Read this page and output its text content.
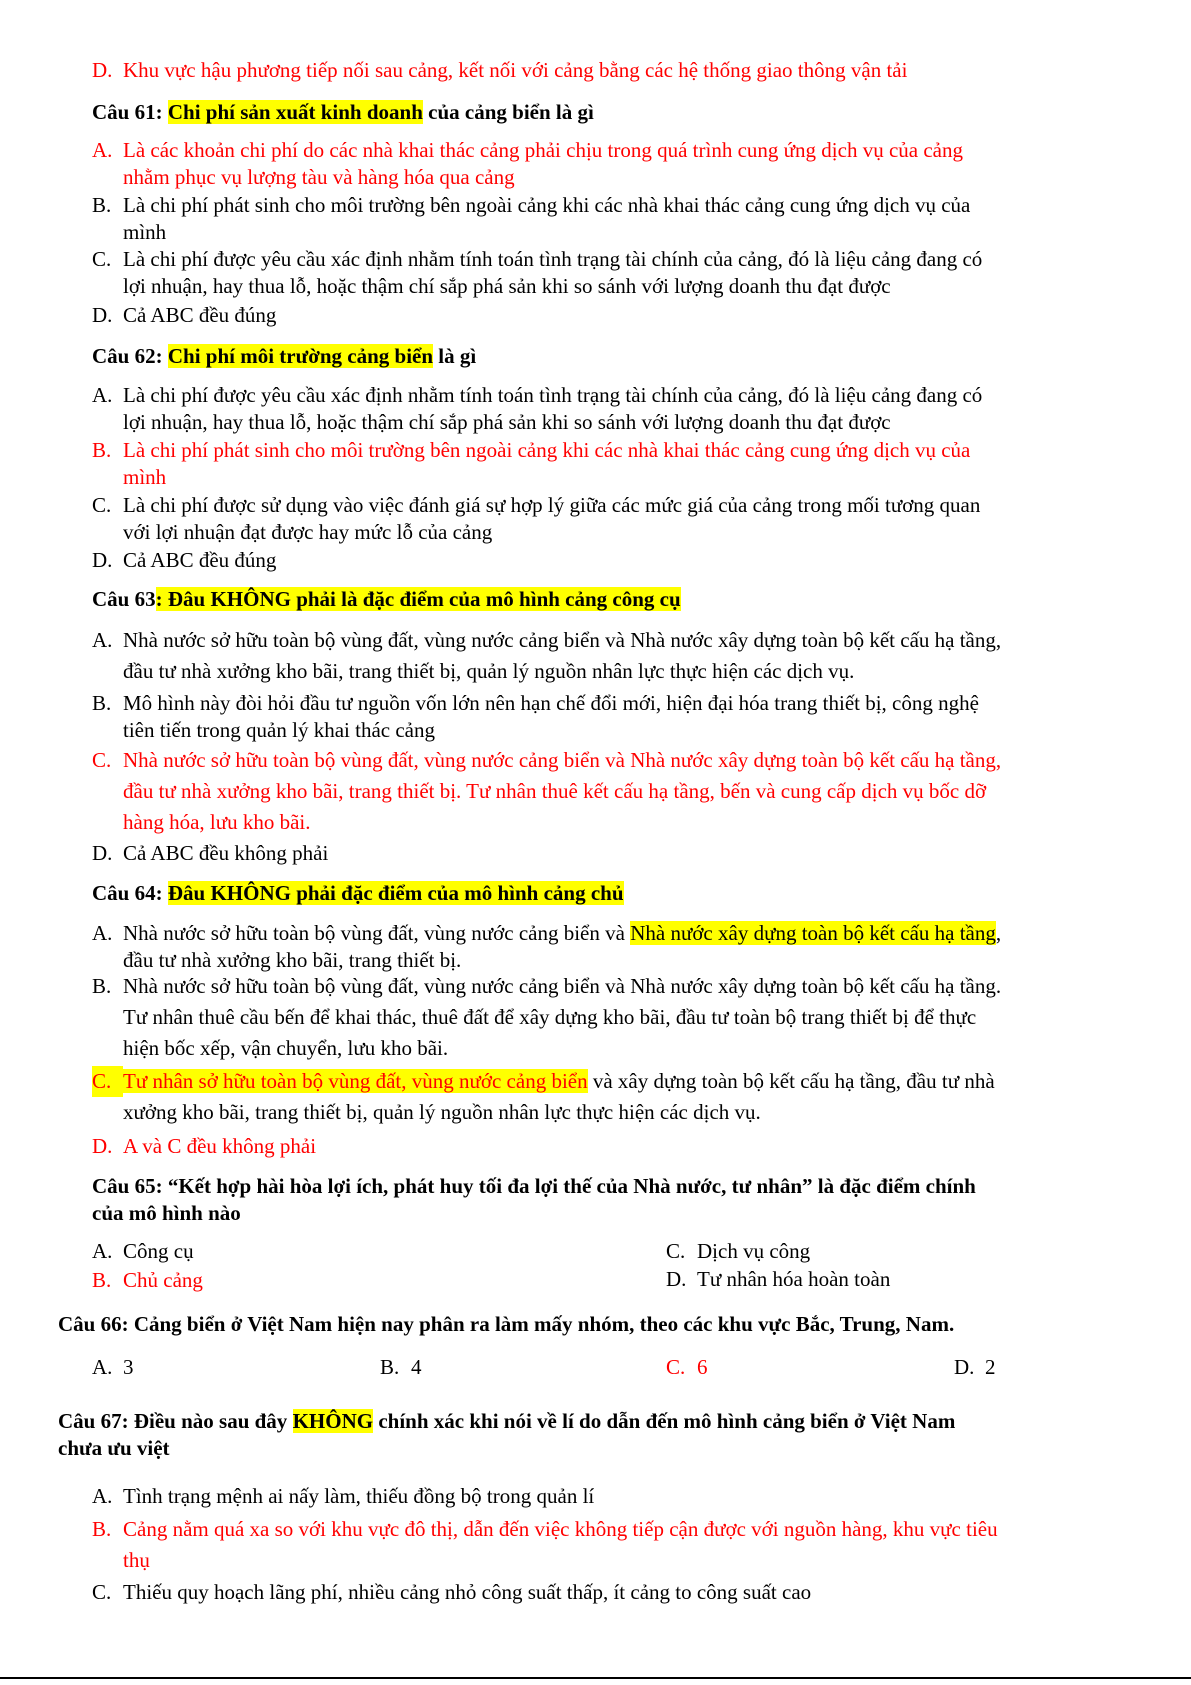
D. Khu vực hậu phương tiếp nối sau cảng, kết nối với cảng bằng các hệ thống giao thông vận tải
Câu 61: Chi phí sản xuất kinh doanh của cảng biển là gì
A. Là các khoản chi phí do các nhà khai thác cảng phải chịu trong quá trình cung ứng dịch vụ của cảng
nhằm phục vụ lượng tàu và hàng hóa qua cảng
B. Là chi phí phát sinh cho môi trường bên ngoài cảng khi các nhà khai thác cảng cung ứng dịch vụ của
mình
C. Là chi phí được yêu cầu xác định nhằm tính toán tình trạng tài chính của cảng, đó là liệu cảng đang có
lợi nhuận, hay thua lỗ, hoặc thậm chí sắp phá sản khi so sánh với lượng doanh thu đạt được
D. Cả ABC đều đúng
Câu 62: Chi phí môi trường cảng biển là gì
A. Là chi phí được yêu cầu xác định nhằm tính toán tình trạng tài chính của cảng, đó là liệu cảng đang có
lợi nhuận, hay thua lỗ, hoặc thậm chí sắp phá sản khi so sánh với lượng doanh thu đạt được
B. Là chi phí phát sinh cho môi trường bên ngoài cảng khi các nhà khai thác cảng cung ứng dịch vụ của
mình
C. Là chi phí được sử dụng vào việc đánh giá sự hợp lý giữa các mức giá của cảng trong mối tương quan
với lợi nhuận đạt được hay mức lỗ của cảng
D. Cả ABC đều đúng
Câu 63: Đâu KHÔNG phải là đặc điểm của mô hình cảng công cụ
A. Nhà nước sở hữu toàn bộ vùng đất, vùng nước cảng biển và Nhà nước xây dựng toàn bộ kết cấu hạ tầng,
đầu tư nhà xưởng kho bãi, trang thiết bị, quản lý nguồn nhân lực thực hiện các dịch vụ.
B. Mô hình này đòi hỏi đầu tư nguồn vốn lớn nên hạn chế đổi mới, hiện đại hóa trang thiết bị, công nghệ
tiên tiến trong quản lý khai thác cảng
C. Nhà nước sở hữu toàn bộ vùng đất, vùng nước cảng biển và Nhà nước xây dựng toàn bộ kết cấu hạ tầng,
đầu tư nhà xưởng kho bãi, trang thiết bị. Tư nhân thuê kết cấu hạ tầng, bến và cung cấp dịch vụ bốc dỡ
hàng hóa, lưu kho bãi.
D. Cả ABC đều không phải
Câu 64: Đâu KHÔNG phải đặc điểm của mô hình cảng chủ
A. Nhà nước sở hữu toàn bộ vùng đất, vùng nước cảng biển và Nhà nước xây dựng toàn bộ kết cấu hạ tầng,
đầu tư nhà xưởng kho bãi, trang thiết bị.
B. Nhà nước sở hữu toàn bộ vùng đất, vùng nước cảng biển và Nhà nước xây dựng toàn bộ kết cấu hạ tầng.
Tư nhân thuê cầu bến để khai thác, thuê đất để xây dựng kho bãi, đầu tư toàn bộ trang thiết bị để thực
hiện bốc xếp, vận chuyển, lưu kho bãi.
C. Tư nhân sở hữu toàn bộ vùng đất, vùng nước cảng biển và xây dựng toàn bộ kết cấu hạ tầng, đầu tư nhà
xưởng kho bãi, trang thiết bị, quản lý nguồn nhân lực thực hiện các dịch vụ.
D. A và C đều không phải
Câu 65: “Kết hợp hài hòa lợi ích, phát huy tối đa lợi thế của Nhà nước, tư nhân” là đặc điểm chính
của mô hình nào
A. Công cụ	C. Dịch vụ công
B. Chủ cảng	D. Tư nhân hóa hoàn toàn
Câu 66: Cảng biển ở Việt Nam hiện nay phân ra làm mấy nhóm, theo các khu vực Bắc, Trung, Nam.
A. 3	B. 4	C. 6	D. 2
Câu 67: Điều nào sau đây KHÔNG chính xác khi nói về lí do dẫn đến mô hình cảng biển ở Việt Nam
chưa ưu việt
A. Tình trạng mệnh ai nấy làm, thiếu đồng bộ trong quản lí
B. Cảng nằm quá xa so với khu vực đô thị, dẫn đến việc không tiếp cận được với nguồn hàng, khu vực tiêu
thụ
C. Thiếu quy hoạch lãng phí, nhiều cảng nhỏ công suất thấp, ít cảng to công suất cao
